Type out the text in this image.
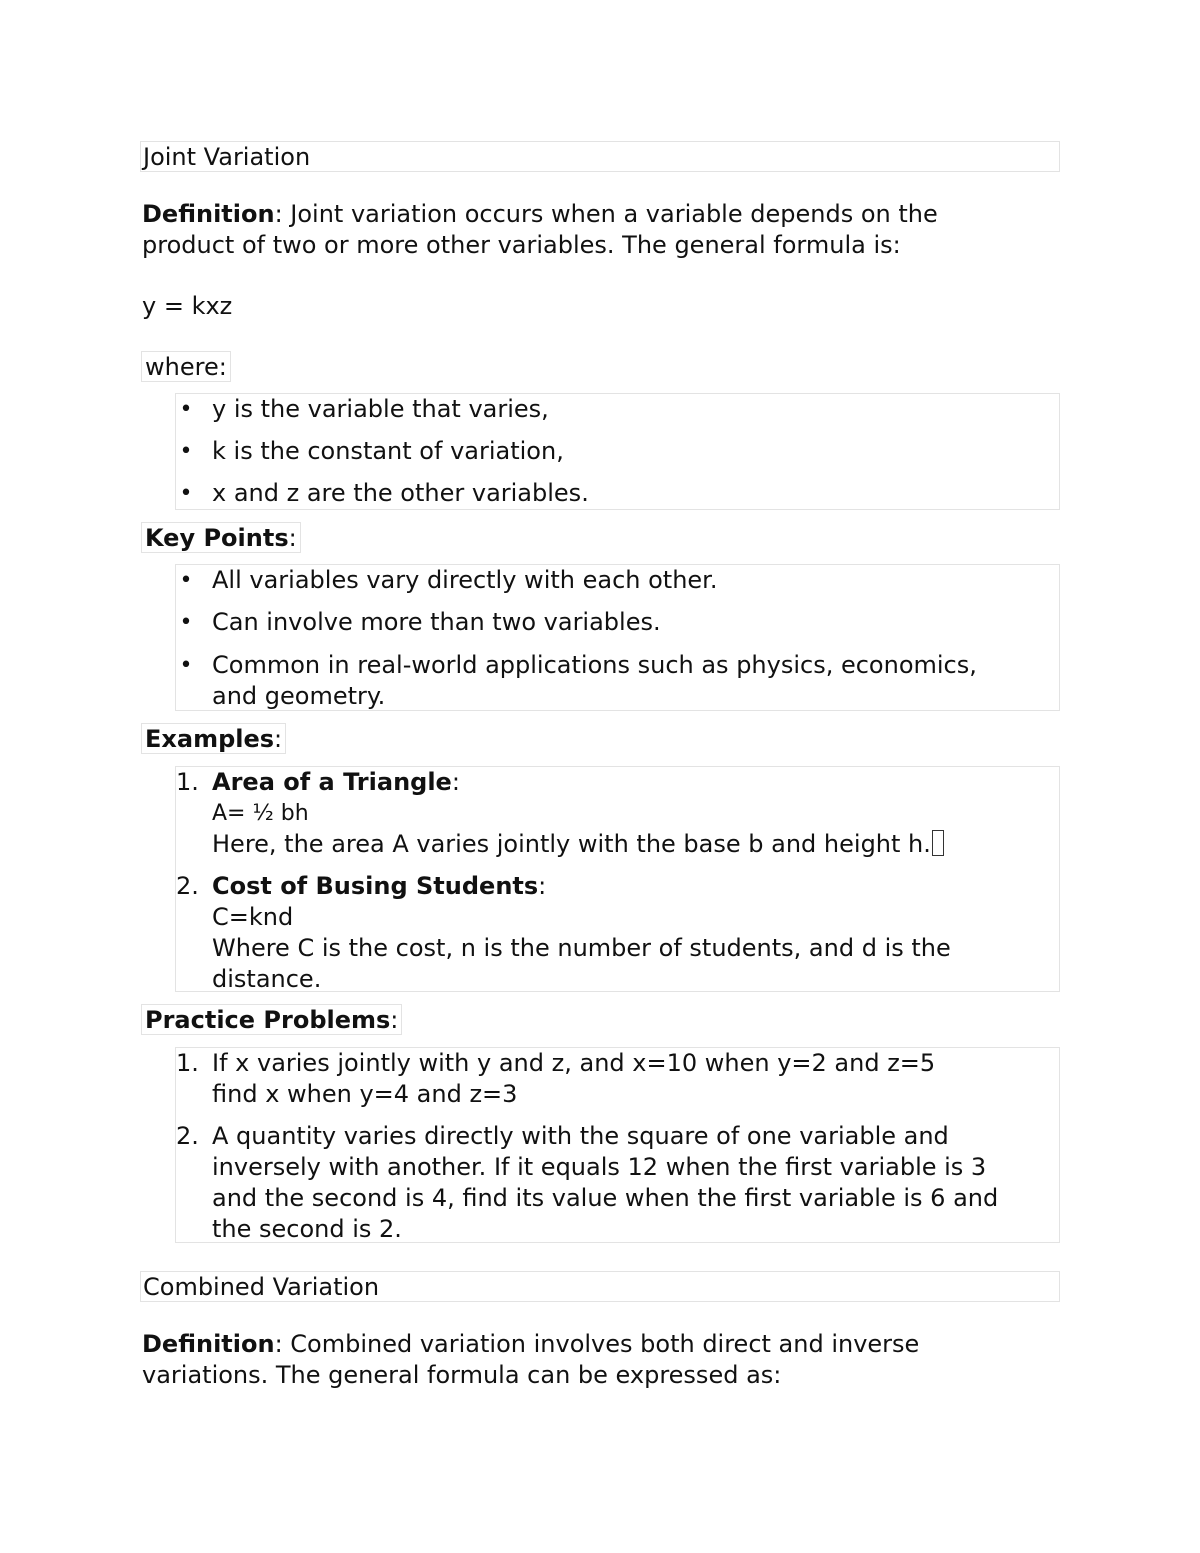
Joint Variation
Definition: Joint variation occurs when a variable depends on the
product of two or more other variables. The general formula is:
y = kxz
where:
• y is the variable that varies,
• k is the constant of variation,
• x and z are the other variables.
Key Points:
• All variables vary directly with each other.
• Can involve more than two variables.
• Common in real-world applications such as physics, economics,
and geometry.
Examples:
1. Area of a Triangle:
A= ½ bh
Here, the area A varies jointly with the base b and height h.
2. Cost of Busing Students:
C=knd
Where C is the cost, n is the number of students, and d is the
distance.
Practice Problems:
1. If x varies jointly with y and z, and x=10 when y=2 and z=5
find x when y=4 and z=3
2. A quantity varies directly with the square of one variable and
inversely with another. If it equals 12 when the first variable is 3
and the second is 4, find its value when the first variable is 6 and
the second is 2.
Combined Variation
Definition: Combined variation involves both direct and inverse
variations. The general formula can be expressed as:
